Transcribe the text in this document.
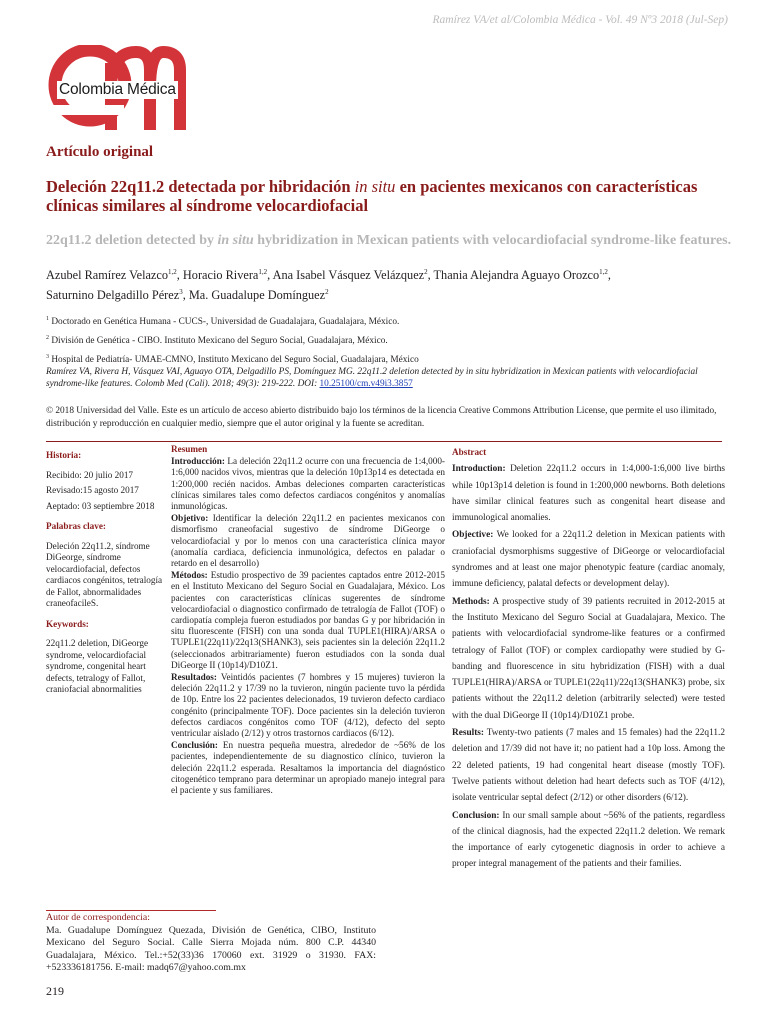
Ramírez VA/et al/Colombia Médica - Vol. 49 Nº3 2018 (Jul-Sep)
Colombia Médica
Artículo original
Deleción 22q11.2 detectada por hibridación in situ en pacientes mexicanos con características clínicas similares al síndrome velocardiofacial
22q11.2 deletion detected by in situ hybridization in Mexican patients with velocardiofacial syndrome-like features.
Azubel Ramírez Velazco$^{1,2}$, Horacio Rivera$^{1,2}$, Ana Isabel Vásquez Velázquez$^2$, Thania Alejandra Aguayo Orozco$^{1,2}$,
Saturnino Delgadillo Pérez$^3$, Ma. Guadalupe Domínguez$^2$
$^1$ Doctorado en Genética Humana - CUCS-, Universidad de Guadalajara, Guadalajara, México.
$^2$ División de Genética - CIBO. Instituto Mexicano del Seguro Social, Guadalajara, México.
$^3$ Hospital de Pediatría- UMAE-CMNO, Instituto Mexicano del Seguro Social, Guadalajara, México
Ramírez VA, Rivera H, Vásquez VAI, Aguayo OTA, Delgadillo PS, Domínguez MG. 22q11.2 deletion detected by in situ hybridization in Mexican patients with velocardiofacial syndrome-like features. Colomb Med (Cali). 2018; 49(3): 219-222. DOI: 10.25100/cm.v49i3.3857
© 2018 Universidad del Valle. Este es un artículo de acceso abierto distribuido bajo los términos de la licencia Creative Commons Attribution License, que permite el uso ilimitado, distribución y reproducción en cualquier medio, siempre que el autor original y la fuente se acreditan.
Historia:
Recibido: 20 julio 2017
Revisado:15 agosto 2017
Aeptado: 03 septiembre 2018
Palabras clave:
Deleción 22q11.2, síndrome DiGeorge, síndrome velocardiofacial, defectos cardiacos congénitos, tetralogía de Fallot, abnormalidades craneofacileS.
Keywords:
22q11.2 deletion, DiGeorge syndrome, velocardiofacial syndrome, congenital heart defects, tetralogy of Fallot, craniofacial abnormalities
Resumen

Introducción: La deleción 22q11.2 ocurre con una frecuencia de 1:4,000-1:6,000 nacidos vivos, mientras que la deleción 10p13p14 es detectada en 1:200,000 recién nacidos. Ambas deleciones comparten características clínicas similares tales como defectos cardiacos congénitos y anomalías inmunológicas.

Objetivo: Identificar la deleción 22q11.2 en pacientes mexicanos con dismorfismo craneofacial sugestivo de síndrome DiGeorge o velocardiofacial y por lo menos con una característica clínica mayor (anomalía cardiaca, deficiencia inmunológica, defectos en paladar o retardo en el desarrollo)

Métodos: Estudio prospectivo de 39 pacientes captados entre 2012-2015 en el Instituto Mexicano del Seguro Social en Guadalajara, México. Los pacientes con características clínicas sugerentes de síndrome velocardiofacial o diagnostico confirmado de tetralogía de Fallot (TOF) o cardiopatía compleja fueron estudiados por bandas G y por hibridación in situ fluorescente (FISH) con una sonda dual TUPLE1(HIRA)/ARSA o TUPLE1(22q11)/22q13(SHANK3), seis pacientes sin la deleción 22q11.2 (seleccionados arbitrariamente) fueron estudiados con la sonda dual DiGeorge II (10p14)/D10Z1.

Resultados: Veintidós pacientes (7 hombres y 15 mujeres) tuvieron la deleción 22q11.2 y 17/39 no la tuvieron, ningún paciente tuvo la pérdida de 10p. Entre los 22 pacientes delecionados, 19 tuvieron defecto cardiaco congénito (principalmente TOF). Doce pacientes sin la deleción tuvieron defectos cardiacos congénitos como TOF (4/12), defecto del septo ventricular aislado (2/12) y otros trastornos cardiacos (6/12).

Conclusión: En nuestra pequeña muestra, alrededor de ~56% de los pacientes, independientemente de su diagnostico clínico, tuvieron la deleción 22q11.2 esperada. Resaltamos la importancia del diagnóstico citogenético temprano para determinar un apropiado manejo integral para el paciente y sus familiares.

Abstract

Introduction: Deletion 22q11.2 occurs in 1:4,000-1:6,000 live births while 10p13p14 deletion is found in 1:200,000 newborns. Both deletions have similar clinical features such as congenital heart disease and immunological anomalies.

Objective: We looked for a 22q11.2 deletion in Mexican patients with craniofacial dysmorphisms suggestive of DiGeorge or velocardiofacial syndromes and at least one major phenotypic feature (cardiac anomaly, immune deficiency, palatal defects or development delay).

Methods: A prospective study of 39 patients recruited in 2012-2015 at the Instituto Mexicano del Seguro Social at Guadalajara, Mexico. The patients with velocardiofacial syndrome-like features or a confirmed tetralogy of Fallot (TOF) or complex cardiopathy were studied by G-banding and fluorescence in situ hybridization (FISH) with a dual TUPLE1(HIRA)/ARSA or TUPLE1(22q11)/22q13(SHANK3) probe, six patients without the 22q11.2 deletion (arbitrarily selected) were tested with the dual DiGeorge II (10p14)/D10Z1 probe.

Results: Twenty-two patients (7 males and 15 females) had the 22q11.2 deletion and 17/39 did not have it; no patient had a 10p loss. Among the 22 deleted patients, 19 had congenital heart disease (mostly TOF). Twelve patients without deletion had heart defects such as TOF (4/12), isolate ventricular septal defect (2/12) or other disorders (6/12).

Conclusion: In our small sample about ~56% of the patients, regardless of the clinical diagnosis, had the expected 22q11.2 deletion. We remark the importance of early cytogenetic diagnosis in order to achieve a proper integral management of the patients and their families.

Autor de correspondencia:
Ma. Guadalupe Domínguez Quezada, División de Genética, CIBO, Instituto Mexicano del Seguro Social. Calle Sierra Mojada núm. 800 C.P. 44340 Guadalajara, México. Tel.:+52(33)36 170060 ext. 31929 o 31930. FAX: +52333618175​6. E-mail: madq67@yahoo.com.mx
219
